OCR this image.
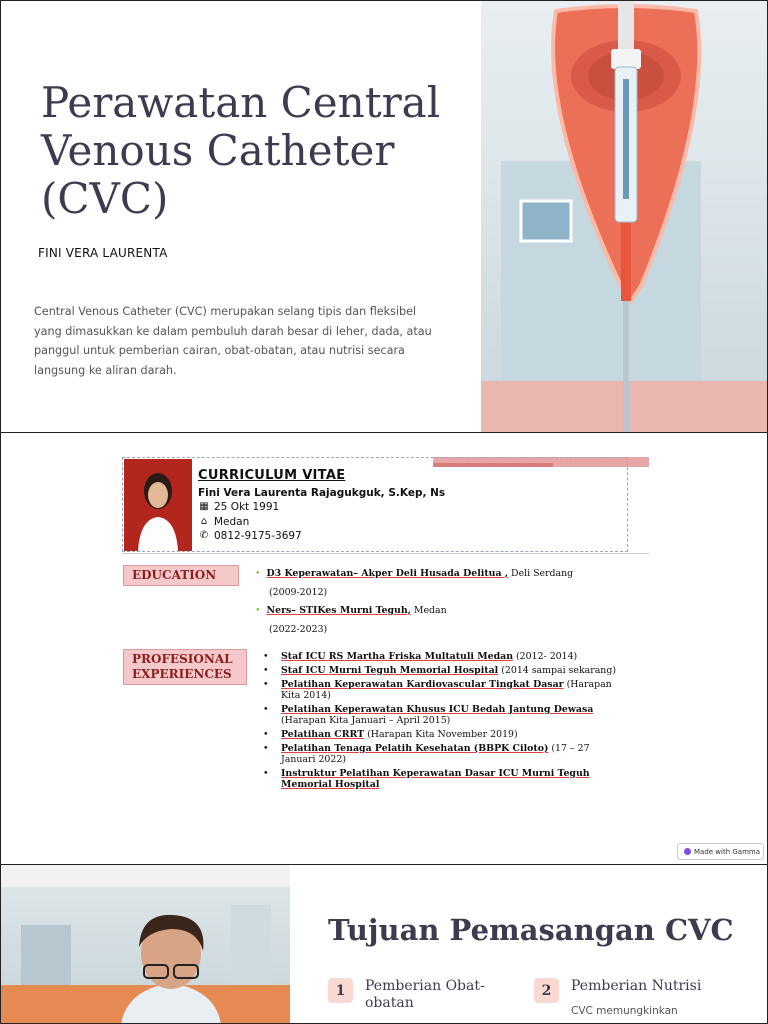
Perawatan Central Venous Catheter (CVC)
FINI VERA LAURENTA

Central Venous Catheter (CVC) merupakan selang tipis dan fleksibel yang dimasukkan ke dalam pembuluh darah besar di leher, dada, atau panggul untuk pemberian cairan, obat-obatan, atau nutrisi secara langsung ke aliran darah.

CURRICULUM VITAE
Fini Vera Laurenta Rajagukguk, S.Kep, Ns
▦ 25 Okt 1991
⌂ Medan
✆ 0812-9175-3697
EDUCATION	• D3 Keperawatan– Akper Deli Husada Delitua , Deli Serdang
(2009-2012)
• Ners– STIKes Murni Teguh, Medan
(2022-2023)
PROFESIONAL EXPERIENCES
• Staf ICU RS Martha Friska Multatuli Medan (2012- 2014)
• Staf ICU Murni Teguh Memorial Hospital (2014 sampai sekarang)
• Pelatihan Keperawatan Kardiovascular Tingkat Dasar (Harapan Kita 2014)
• Pelatihan Keperawatan Khusus ICU Bedah Jantung Dewasa (Harapan Kita Januari – April 2015)
• Pelatihan CRRT (Harapan Kita November 2019)
• Pelatihan Tenaga Pelatih Kesehatan (BBPK Ciloto) (17 – 27 Januari 2022)
• Instruktur Pelatihan Keperawatan Dasar ICU Murni Teguh Memorial Hospital
Made with Gamma
Tujuan Pemasangan CVC
1	Pemberian Obat-obatan
2	Pemberian Nutrisi
CVC memungkinkan
